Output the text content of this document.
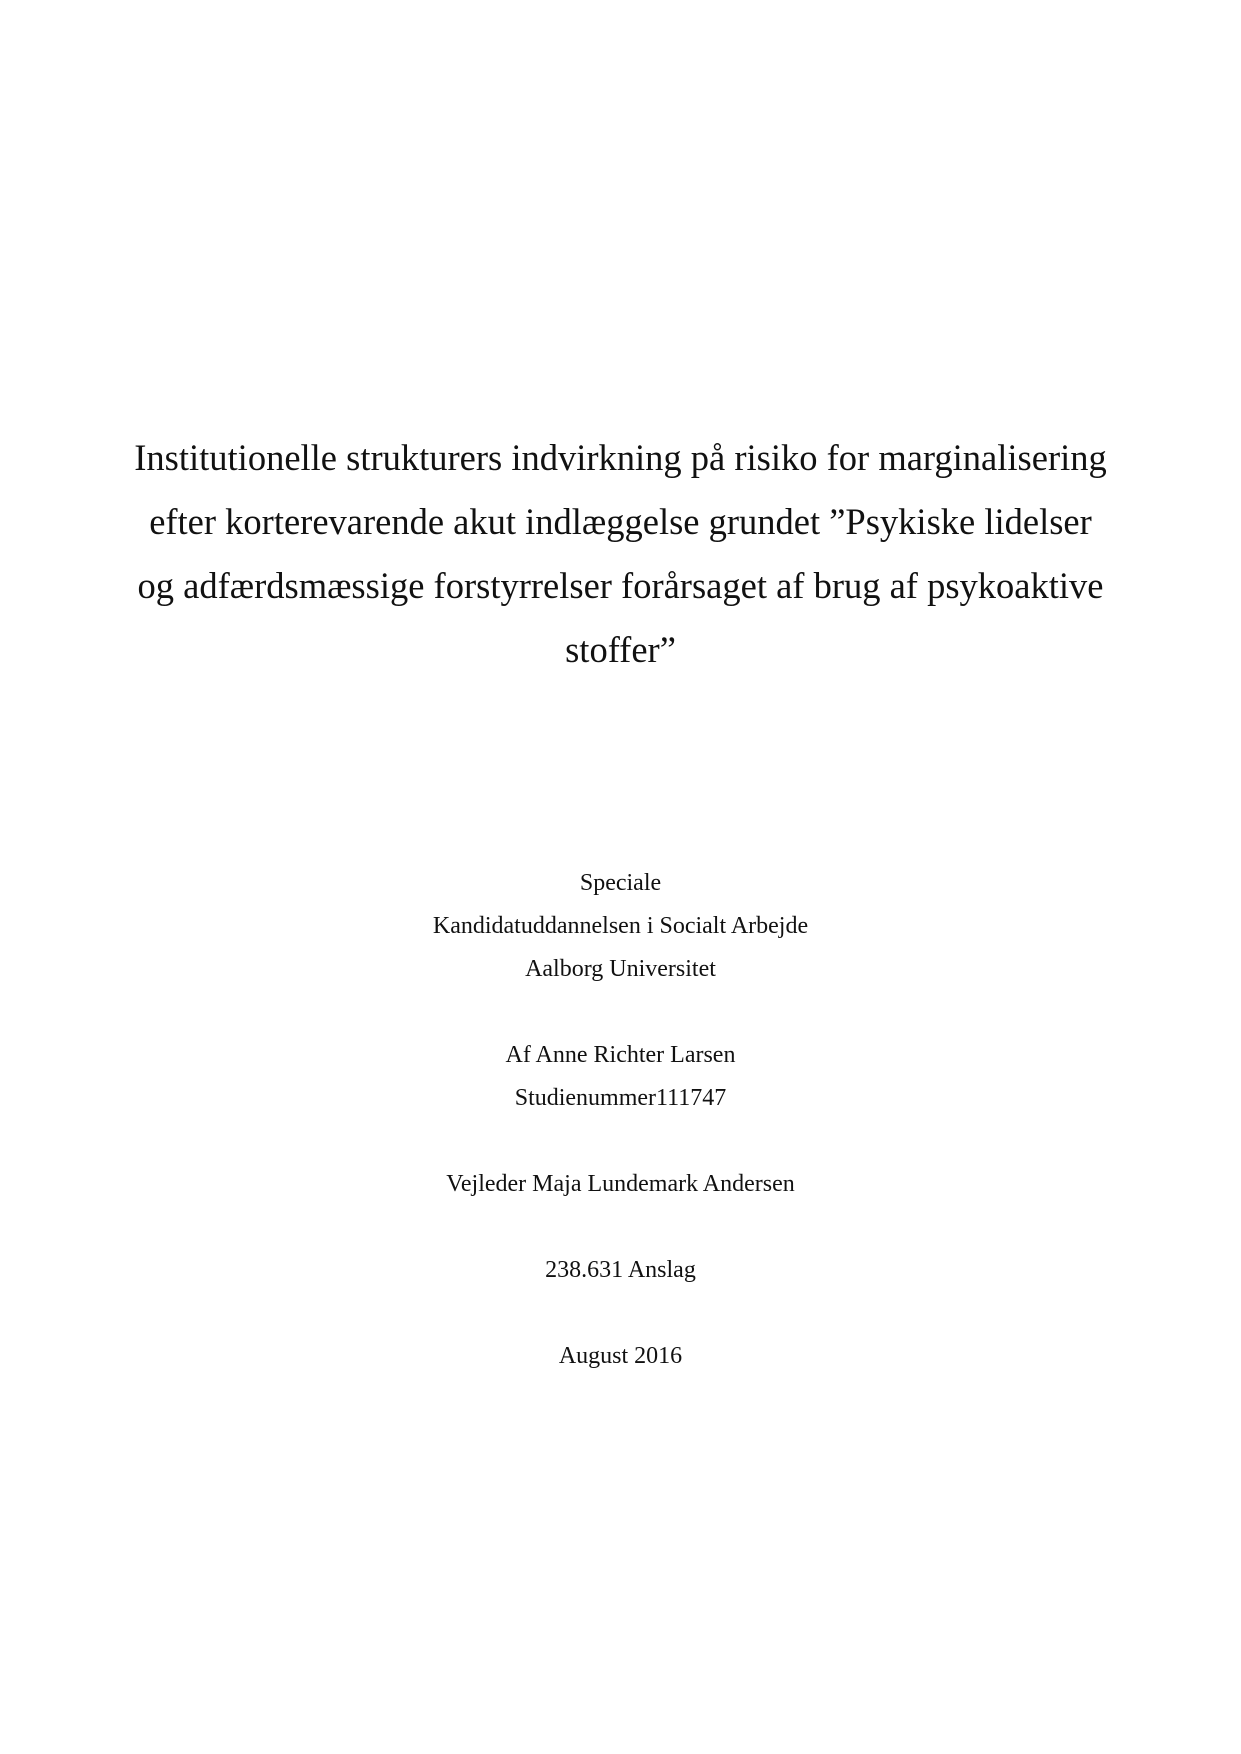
Institutionelle strukturers indvirkning på risiko for marginalisering
efter korterevarende akut indlæggelse grundet ”Psykiske lidelser
og adfærdsmæssige forstyrrelser forårsaget af brug af psykoaktive
stoffer”
Speciale
Kandidatuddannelsen i Socialt Arbejde
Aalborg Universitet
Af Anne Richter Larsen
Studienummer111747
Vejleder Maja Lundemark Andersen
238.631 Anslag
August 2016
